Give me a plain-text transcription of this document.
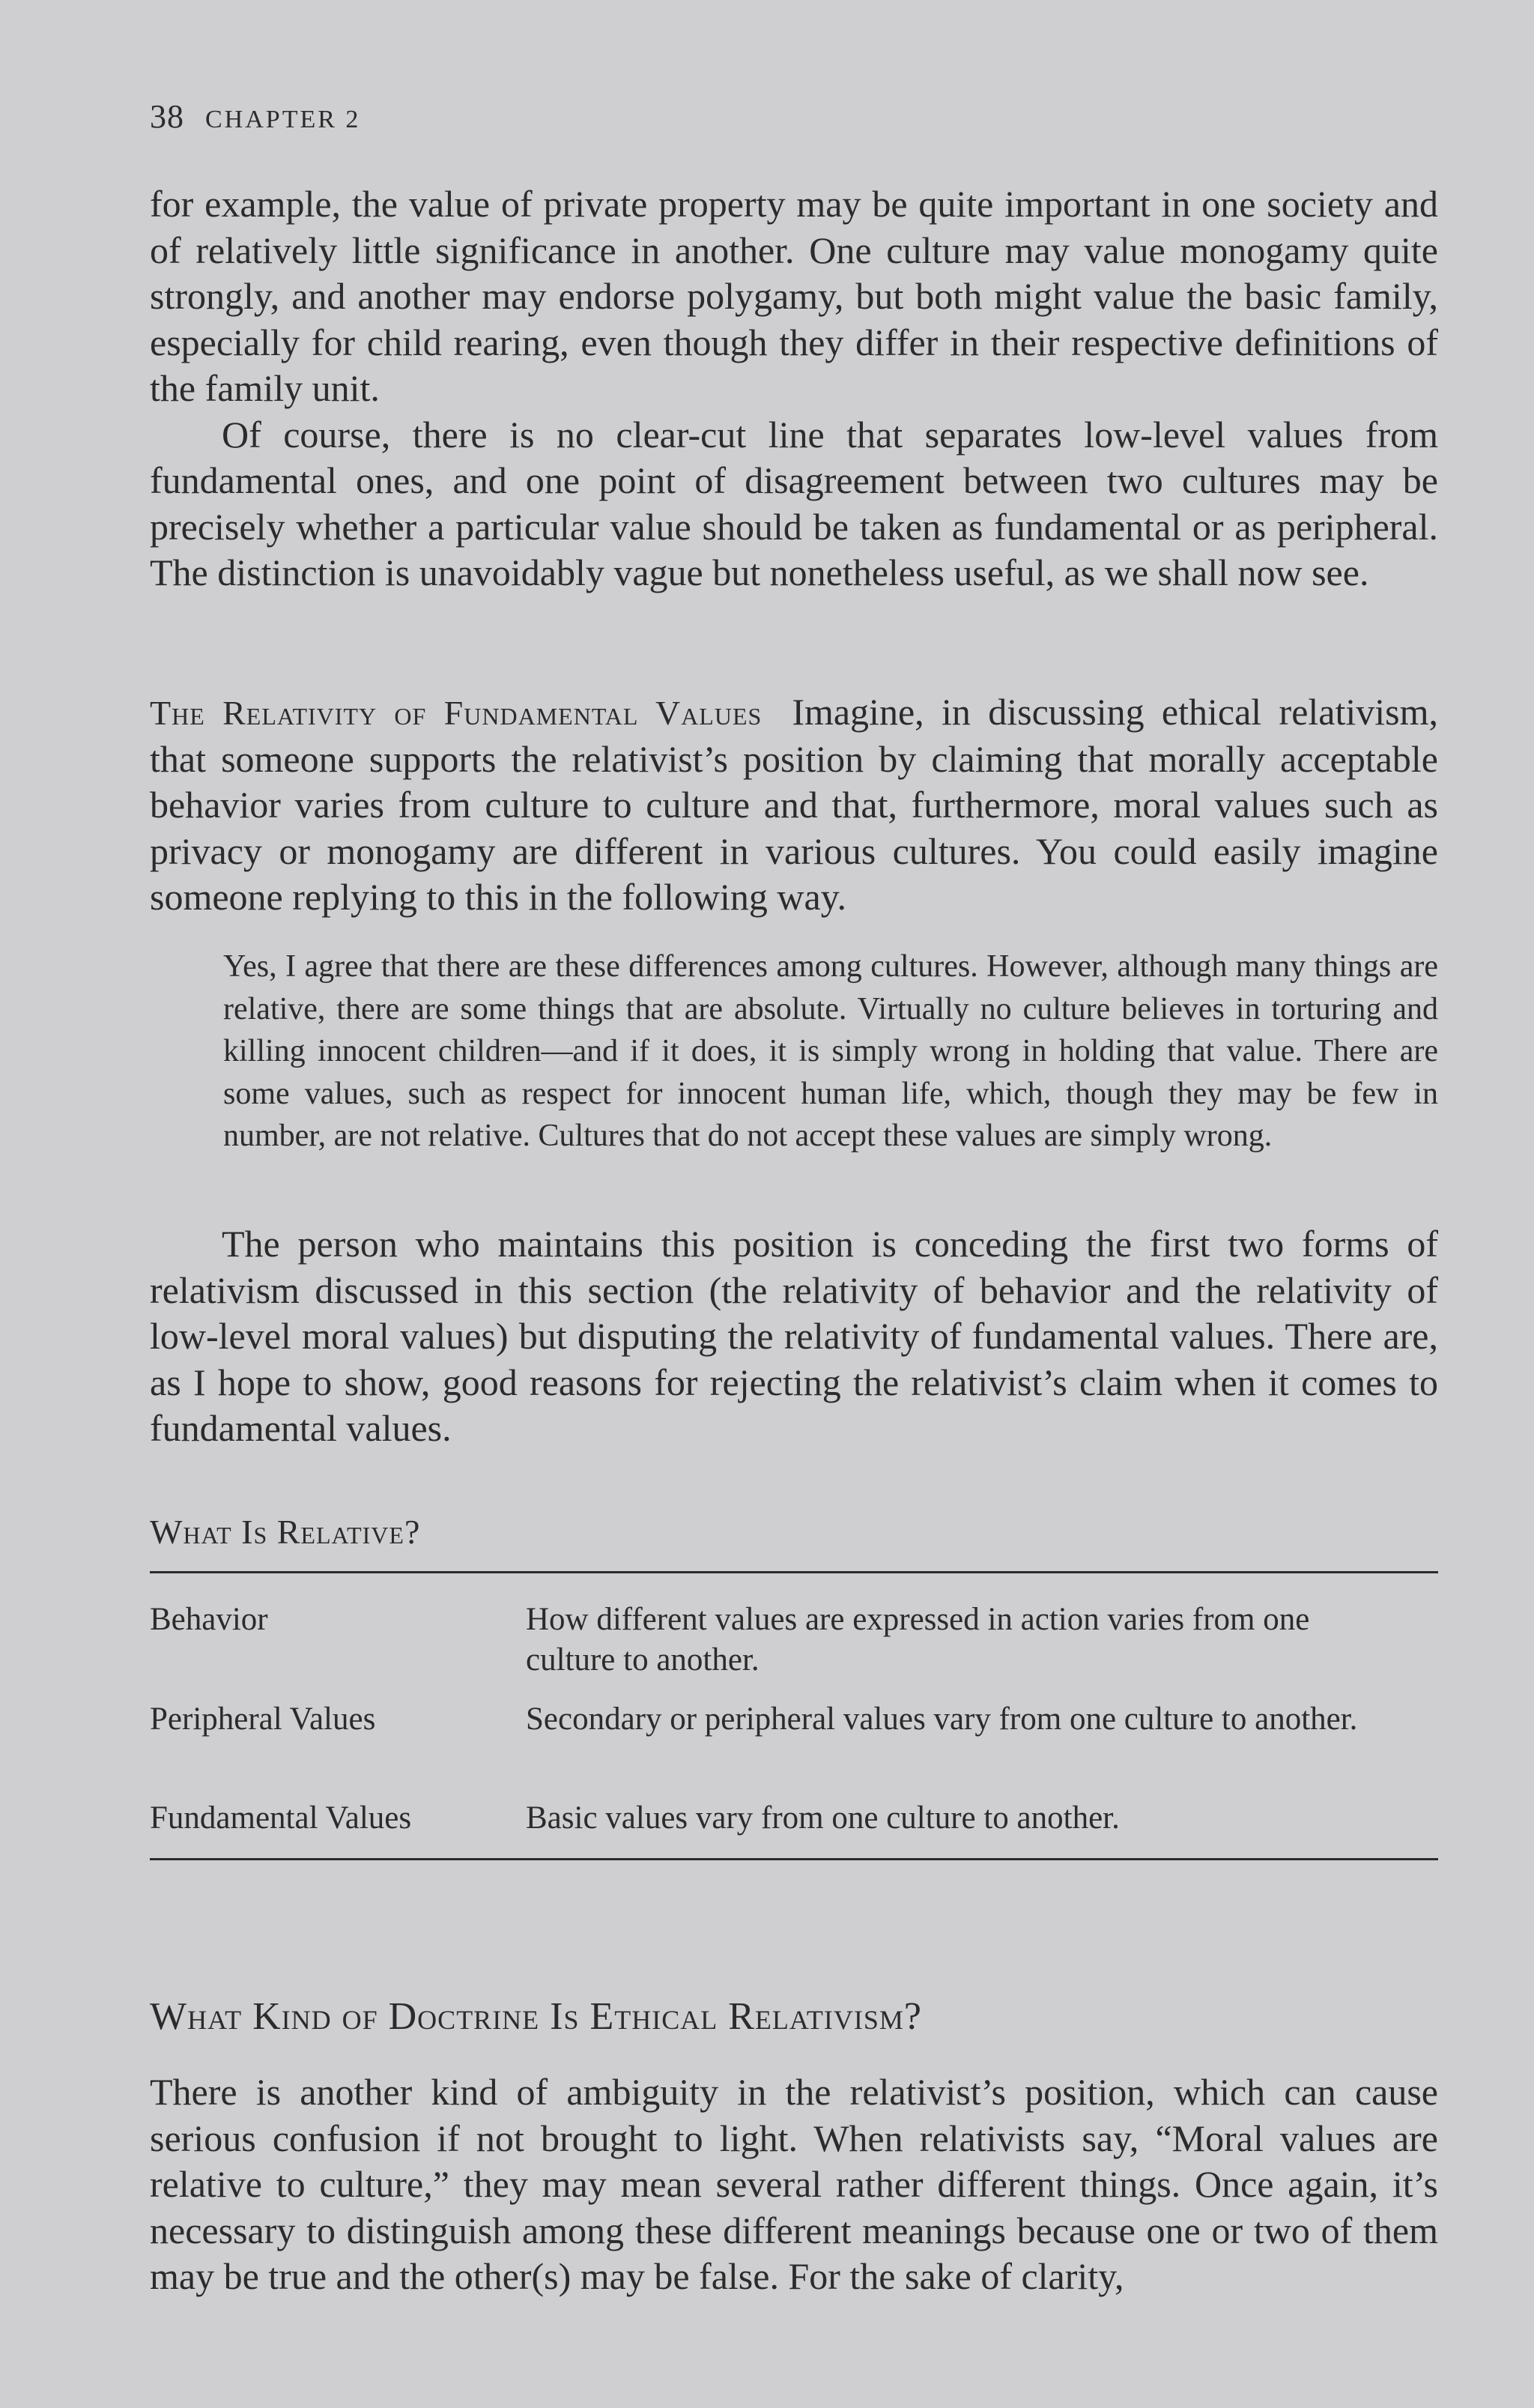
38 CHAPTER 2

for example, the value of private property may be quite important in one society and of relatively little significance in another. One culture may value monogamy quite strongly, and another may endorse polygamy, but both might value the basic family, especially for child rearing, even though they differ in their respective definitions of the family unit.

Of course, there is no clear-cut line that separates low-level values from fundamental ones, and one point of disagreement between two cultures may be precisely whether a particular value should be taken as fundamental or as peripheral. The distinction is unavoidably vague but nonetheless useful, as we shall now see.

The Relativity of Fundamental Values Imagine, in discussing ethical relativism, that someone supports the relativist’s position by claiming that morally acceptable behavior varies from culture to culture and that, furthermore, moral values such as privacy or monogamy are different in various cultures. You could easily imagine someone replying to this in the following way.

Yes, I agree that there are these differences among cultures. However, although many things are relative, there are some things that are absolute. Virtually no culture believes in torturing and killing innocent children—and if it does, it is simply wrong in holding that value. There are some values, such as respect for innocent human life, which, though they may be few in number, are not relative. Cultures that do not accept these values are simply wrong.

The person who maintains this position is conceding the first two forms of relativism discussed in this section (the relativity of behavior and the relativity of low-level moral values) but disputing the relativity of fundamental values. There are, as I hope to show, good reasons for rejecting the relativist’s claim when it comes to fundamental values.

What Is Relative?
Behavior	How different values are expressed in action varies from one culture to another.
Peripheral Values	Secondary or peripheral values vary from one culture to another.
Fundamental Values	Basic values vary from one culture to another.
What Kind of Doctrine Is Ethical Relativism?

There is another kind of ambiguity in the relativist’s position, which can cause serious confusion if not brought to light. When relativists say, “Moral values are relative to culture,” they may mean several rather different things. Once again, it’s necessary to distinguish among these different meanings because one or two of them may be true and the other(s) may be false. For the sake of clarity,
